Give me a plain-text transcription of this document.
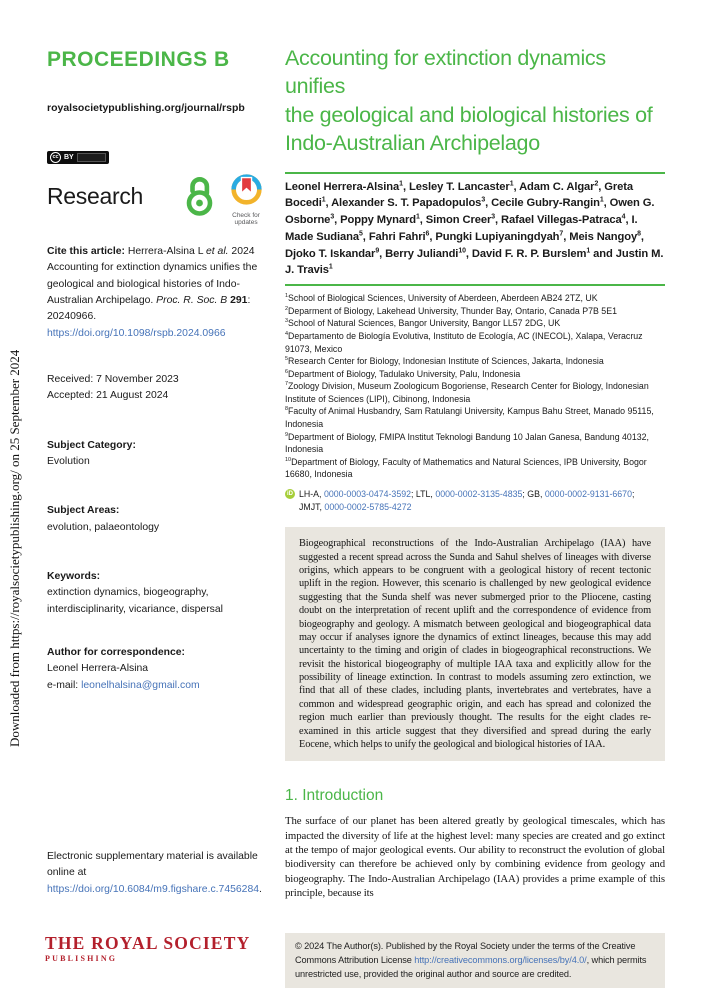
Downloaded from https://royalsocietypublishing.org/ on 25 September 2024
PROCEEDINGS B
royalsocietypublishing.org/journal/rspb
cc BY
Research
Check for
updates
Cite this article: Herrera-Alsina L et al. 2024 Accounting for extinction dynamics unifies the geological and biological histories of Indo-Australian Archipelago. Proc. R. Soc. B 291: 20240966.
https://doi.org/10.1098/rspb.2024.0966
Received: 7 November 2023
Accepted: 21 August 2024
Subject Category:
Evolution
Subject Areas:
evolution, palaeontology
Keywords:
extinction dynamics, biogeography, interdisciplinarity, vicariance, dispersal
Author for correspondence:
Leonel Herrera-Alsina
e-mail: leonelhalsina@gmail.com
Electronic supplementary material is available online at https://doi.org/10.6084/m9.figshare.c.7456284.
THE ROYAL SOCIETY
PUBLISHING
Accounting for extinction dynamics unifies
the geological and biological histories of
Indo-Australian Archipelago
Leonel Herrera-Alsina$^1$, Lesley T. Lancaster$^1$, Adam C. Algar$^2$, Greta Bocedi$^1$, Alexander S. T. Papadopulos$^3$, Cecile Gubry-Rangin$^1$, Owen G. Osborne$^3$, Poppy Mynard$^1$, Simon Creer$^3$, Rafael Villegas-Patraca$^4$, I. Made Sudiana$^5$, Fahri Fahri$^6$, Pungki Lupiyaningdyah$^7$, Meis Nangoy$^8$, Djoko T. Iskandar$^9$, Berry Juliandi$^{10}$, David F. R. P. Burslem$^1$ and Justin M. J. Travis$^1$
$^1$School of Biological Sciences, University of Aberdeen, Aberdeen AB24 2TZ, UK
$^2$Deparment of Biology, Lakehead University, Thunder Bay, Ontario, Canada P7B 5E1
$^3$School of Natural Sciences, Bangor University, Bangor LL57 2DG, UK
$^4$Departamento de Biología Evolutiva, Instituto de Ecología, AC (INECOL), Xalapa, Veracruz 91073, Mexico
$^5$Research Center for Biology, Indonesian Institute of Sciences, Jakarta, Indonesia
$^6$Department of Biology, Tadulako University, Palu, Indonesia
$^7$Zoology Division, Museum Zoologicum Bogoriense, Research Center for Biology, Indonesian Institute of Sciences (LIPI), Cibinong, Indonesia
$^8$Faculty of Animal Husbandry, Sam Ratulangi University, Kampus Bahu Street, Manado 95115, Indonesia
$^9$Department of Biology, FMIPA Institut Teknologi Bandung 10 Jalan Ganesa, Bandung 40132, Indonesia
$^{10}$Department of Biology, Faculty of Mathematics and Natural Sciences, IPB University, Bogor 16680, Indonesia
iD LH-A, 0000-0003-0474-3592; LTL, 0000-0002-3135-4835; GB, 0000-0002-9131-6670; JMJT, 0000-0002-5785-4272
Biogeographical reconstructions of the Indo-Australian Archipelago (IAA) have suggested a recent spread across the Sunda and Sahul shelves of lineages with diverse origins, which appears to be congruent with a geological history of recent tectonic uplift in the region. However, this scenario is challenged by new geological evidence suggesting that the Sunda shelf was never submerged prior to the Pliocene, casting doubt on the interpretation of recent uplift and the correspondence of evidence from biogeography and geology. A mismatch between geological and biogeographical data may occur if analyses ignore the dynamics of extinct lineages, because this may add uncertainty to the timing and origin of clades in biogeographical reconstructions. We revisit the historical biogeography of multiple IAA taxa and explicitly allow for the possibility of lineage extinction. In contrast to models assuming zero extinction, we find that all of these clades, including plants, invertebrates and vertebrates, have a common and widespread geographic origin, and each has spread and colonized the region much earlier than previously thought. The results for the eight clades re-examined in this article suggest that they diversified and spread during the early Eocene, which helps to unify the geological and biological histories of IAA.
1. Introduction
The surface of our planet has been altered greatly by geological timescales, which has impacted the diversity of life at the highest level: many species are created and go extinct at the tempo of major geological events. Our ability to reconstruct the evolution of global biodiversity can therefore be achieved only by combining evidence from geology and biogeography. The Indo-Australian Archipelago (IAA) provides a prime example of this principle, because its
© 2024 The Author(s). Published by the Royal Society under the terms of the Creative Commons Attribution License http://creativecommons.org/licenses/by/4.0/, which permits unrestricted use, provided the original author and source are credited.
